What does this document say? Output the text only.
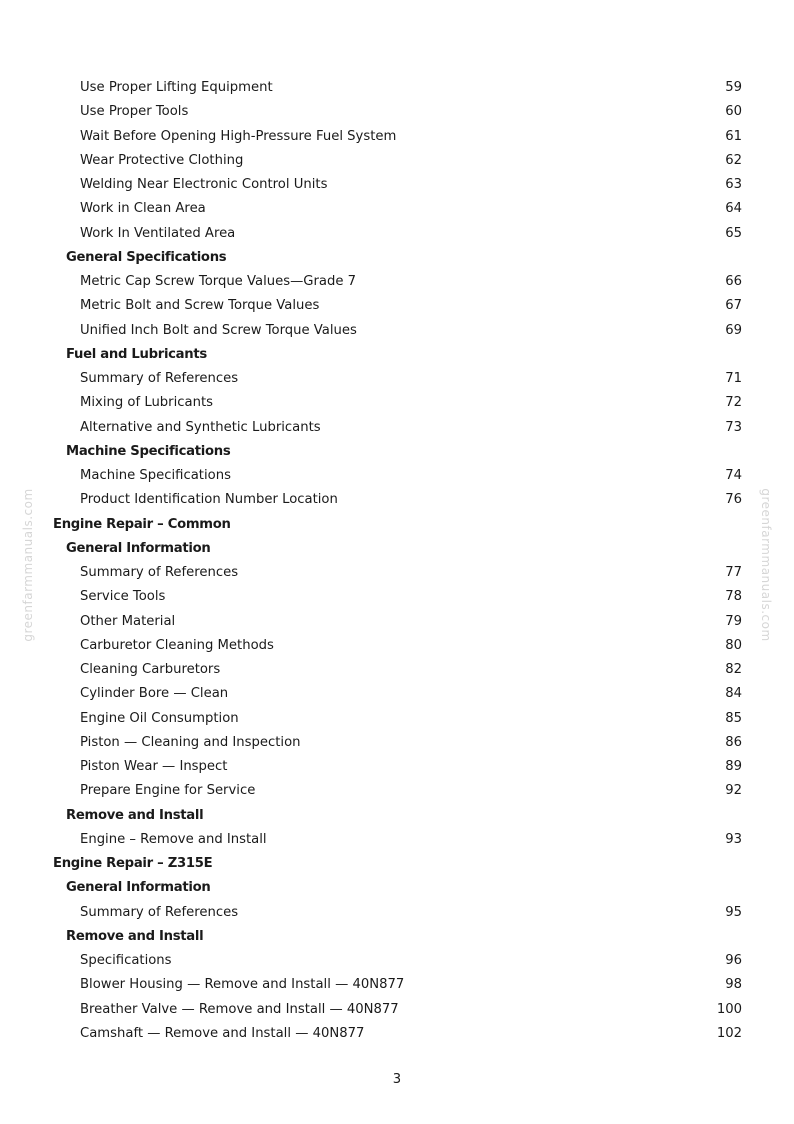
greenfarmmanuals.com	greenfarmmanuals.com
Use Proper Lifting Equipment	59
Use Proper Tools	60
Wait Before Opening High-Pressure Fuel System	61
Wear Protective Clothing	62
Welding Near Electronic Control Units	63
Work in Clean Area	64
Work In Ventilated Area	65
General Specifications
Metric Cap Screw Torque Values—Grade 7	66
Metric Bolt and Screw Torque Values	67
Unified Inch Bolt and Screw Torque Values	69
Fuel and Lubricants
Summary of References	71
Mixing of Lubricants	72
Alternative and Synthetic Lubricants	73
Machine Specifications
Machine Specifications	74
Product Identification Number Location	76
Engine Repair – Common
General Information
Summary of References	77
Service Tools	78
Other Material	79
Carburetor Cleaning Methods	80
Cleaning Carburetors	82
Cylinder Bore — Clean	84
Engine Oil Consumption	85
Piston — Cleaning and Inspection	86
Piston Wear — Inspect	89
Prepare Engine for Service	92
Remove and Install
Engine – Remove and Install	93
Engine Repair – Z315E
General Information
Summary of References	95
Remove and Install
Specifications	96
Blower Housing — Remove and Install — 40N877	98
Breather Valve — Remove and Install — 40N877	100
Camshaft — Remove and Install — 40N877	102
3
